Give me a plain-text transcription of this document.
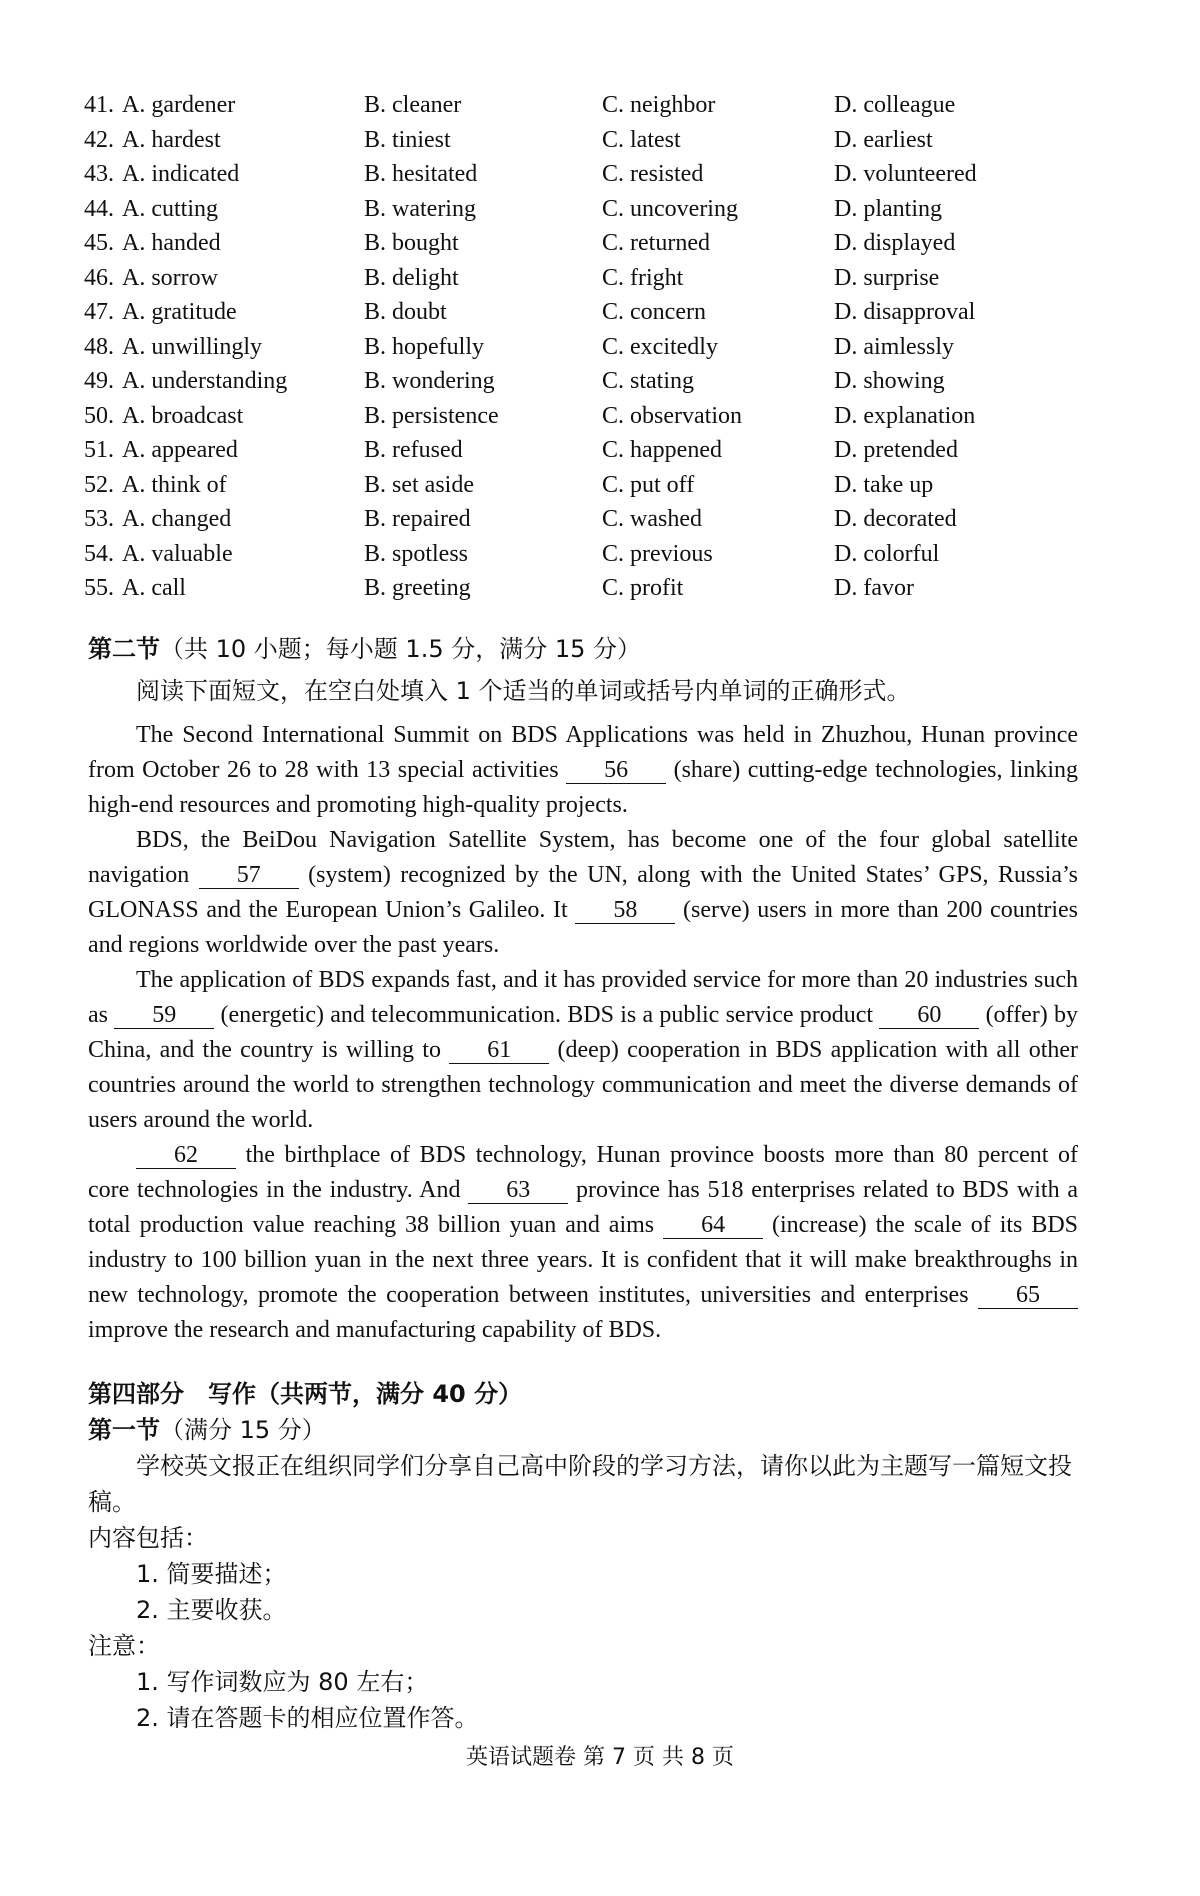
41. A. gardener	B. cleaner	C. neighbor	D. colleague
42. A. hardest	B. tiniest	C. latest	D. earliest
43. A. indicated	B. hesitated	C. resisted	D. volunteered
44. A. cutting	B. watering	C. uncovering	D. planting
45. A. handed	B. bought	C. returned	D. displayed
46. A. sorrow	B. delight	C. fright	D. surprise
47. A. gratitude	B. doubt	C. concern	D. disapproval
48. A. unwillingly	B. hopefully	C. excitedly	D. aimlessly
49. A. understanding	B. wondering	C. stating	D. showing
50. A. broadcast	B. persistence	C. observation	D. explanation
51. A. appeared	B. refused	C. happened	D. pretended
52. A. think of	B. set aside	C. put off	D. take up
53. A. changed	B. repaired	C. washed	D. decorated
54. A. valuable	B. spotless	C. previous	D. colorful
55. A. call	B. greeting	C. profit	D. favor
第二节（共 10 小题；每小题 1.5 分，满分 15 分）
阅读下面短文，在空白处填入 1 个适当的单词或括号内单词的正确形式。

The Second International Summit on BDS Applications was held in Zhuzhou, Hunan province from October 26 to 28 with 13 special activities 56 (share) cutting-edge technologies, linking high-end resources and promoting high-quality projects.

BDS, the BeiDou Navigation Satellite System, has become one of the four global satellite navigation 57 (system) recognized by the UN, along with the United States’ GPS, Russia’s GLONASS and the European Union’s Galileo. It 58 (serve) users in more than 200 countries and regions worldwide over the past years.

The application of BDS expands fast, and it has provided service for more than 20 industries such as 59 (energetic) and telecommunication. BDS is a public service product 60 (offer) by China, and the country is willing to 61 (deep) cooperation in BDS application with all other countries around the world to strengthen technology communication and meet the diverse demands of users around the world.

62 the birthplace of BDS technology, Hunan province boosts more than 80 percent of core technologies in the industry. And 63 province has 518 enterprises related to BDS with a total production value reaching 38 billion yuan and aims 64 (increase) the scale of its BDS industry to 100 billion yuan in the next three years. It is confident that it will make breakthroughs in new technology, promote the cooperation between institutes, universities and enterprises 65 improve the research and manufacturing capability of BDS.

第四部分　写作（共两节，满分 40 分）

第一节（满分 15 分）

学校英文报正在组织同学们分享自己高中阶段的学习方法，请你以此为主题写一篇短文投稿。

内容包括：

1. 简要描述；

2. 主要收获。

注意：

1. 写作词数应为 80 左右；

2. 请在答题卡的相应位置作答。

英语试题卷 第 7 页 共 8 页
